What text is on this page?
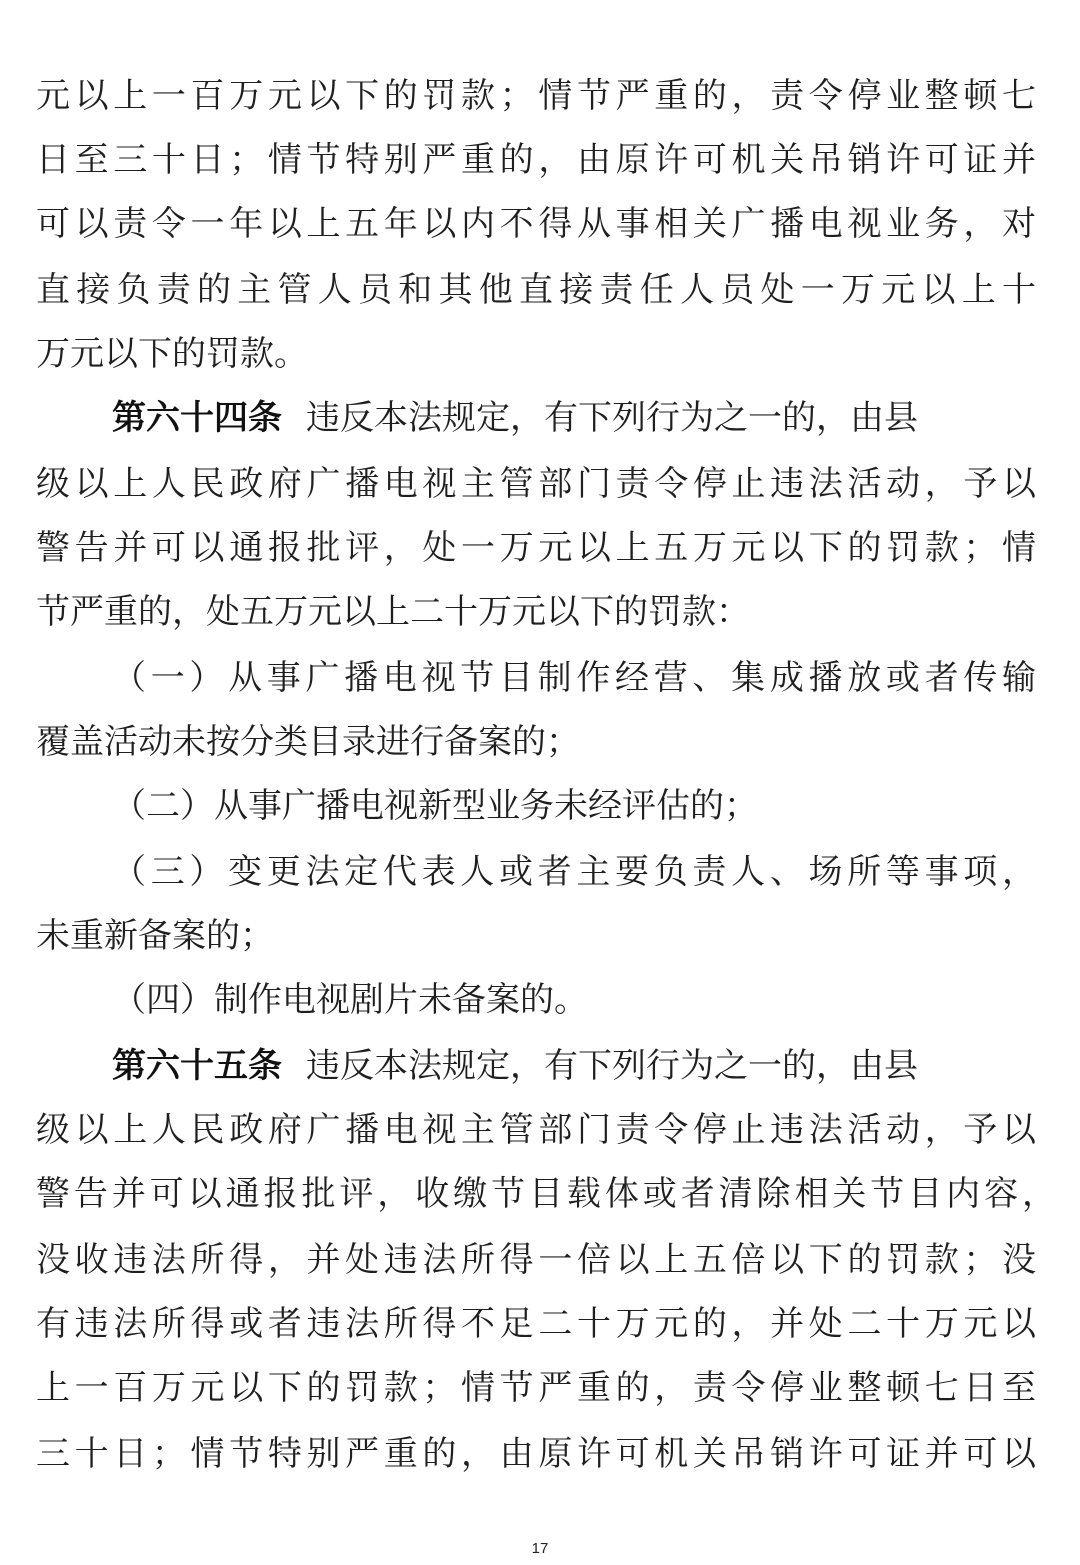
元以上一百万元以下的罚款；情节严重的，责令停业整顿七
日至三十日；情节特别严重的，由原许可机关吊销许可证并
可以责令一年以上五年以内不得从事相关广播电视业务，对
直接负责的主管人员和其他直接责任人员处一万元以上十
万元以下的罚款。
第六十四条 违反本法规定，有下列行为之一的，由县
级以上人民政府广播电视主管部门责令停止违法活动，予以
警告并可以通报批评，处一万元以上五万元以下的罚款；情
节严重的，处五万元以上二十万元以下的罚款：
（一）从事广播电视节目制作经营、集成播放或者传输
覆盖活动未按分类目录进行备案的；
（二）从事广播电视新型业务未经评估的；
（三）变更法定代表人或者主要负责人、场所等事项，
未重新备案的；
（四）制作电视剧片未备案的。
第六十五条 违反本法规定，有下列行为之一的，由县
级以上人民政府广播电视主管部门责令停止违法活动，予以
警告并可以通报批评，收缴节目载体或者清除相关节目内容，
没收违法所得，并处违法所得一倍以上五倍以下的罚款；没
有违法所得或者违法所得不足二十万元的，并处二十万元以
上一百万元以下的罚款；情节严重的，责令停业整顿七日至
三十日；情节特别严重的，由原许可机关吊销许可证并可以
17
